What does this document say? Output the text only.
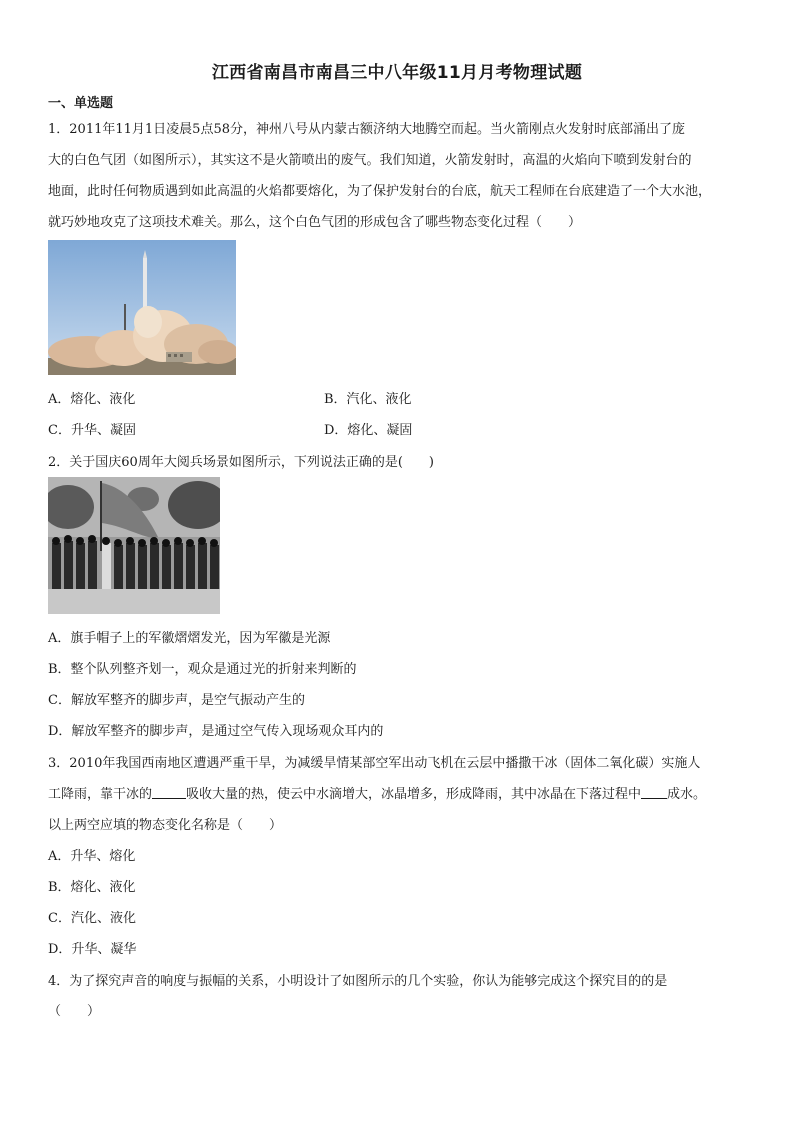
江西省南昌市南昌三中八年级11月月考物理试题
一、单选题
1．2011年11月1日凌晨5点58分，神州八号从内蒙古额济纳大地腾空而起。当火箭刚点火发射时底部涌出了庞
大的白色气团（如图所示），其实这不是火箭喷出的废气。我们知道，火箭发射时，高温的火焰向下喷到发射台的
地面，此时任何物质遇到如此高温的火焰都要熔化，为了保护发射台的台底，航天工程师在台底建造了一个大水池，
就巧妙地攻克了这项技术难关。那么，这个白色气团的形成包含了哪些物态变化过程（　　）
A．熔化、液化	B．汽化、液化
C．升华、凝固	D．熔化、凝固
2．关于国庆60周年大阅兵场景如图所示，下列说法正确的是(　　)
A．旗手帽子上的军徽熠熠发光，因为军徽是光源
B．整个队列整齐划一，观众是通过光的折射来判断的
C．解放军整齐的脚步声，是空气振动产生的
D．解放军整齐的脚步声，是通过空气传入现场观众耳内的
3．2010年我国西南地区遭遇严重干旱，为减缓旱情某部空军出动飞机在云层中播撒干冰（固体二氧化碳）实施人
工降雨，靠干冰的	吸收大量的热，使云中水滴增大，冰晶增多，形成降雨，其中冰晶在下落过程中 成水。
以上两空应填的物态变化名称是（　　）
A．升华、熔化
B．熔化、液化
C．汽化、液化
D．升华、凝华
4．为了探究声音的响度与振幅的关系，小明设计了如图所示的几个实验，你认为能够完成这个探究目的的是
（　　）
